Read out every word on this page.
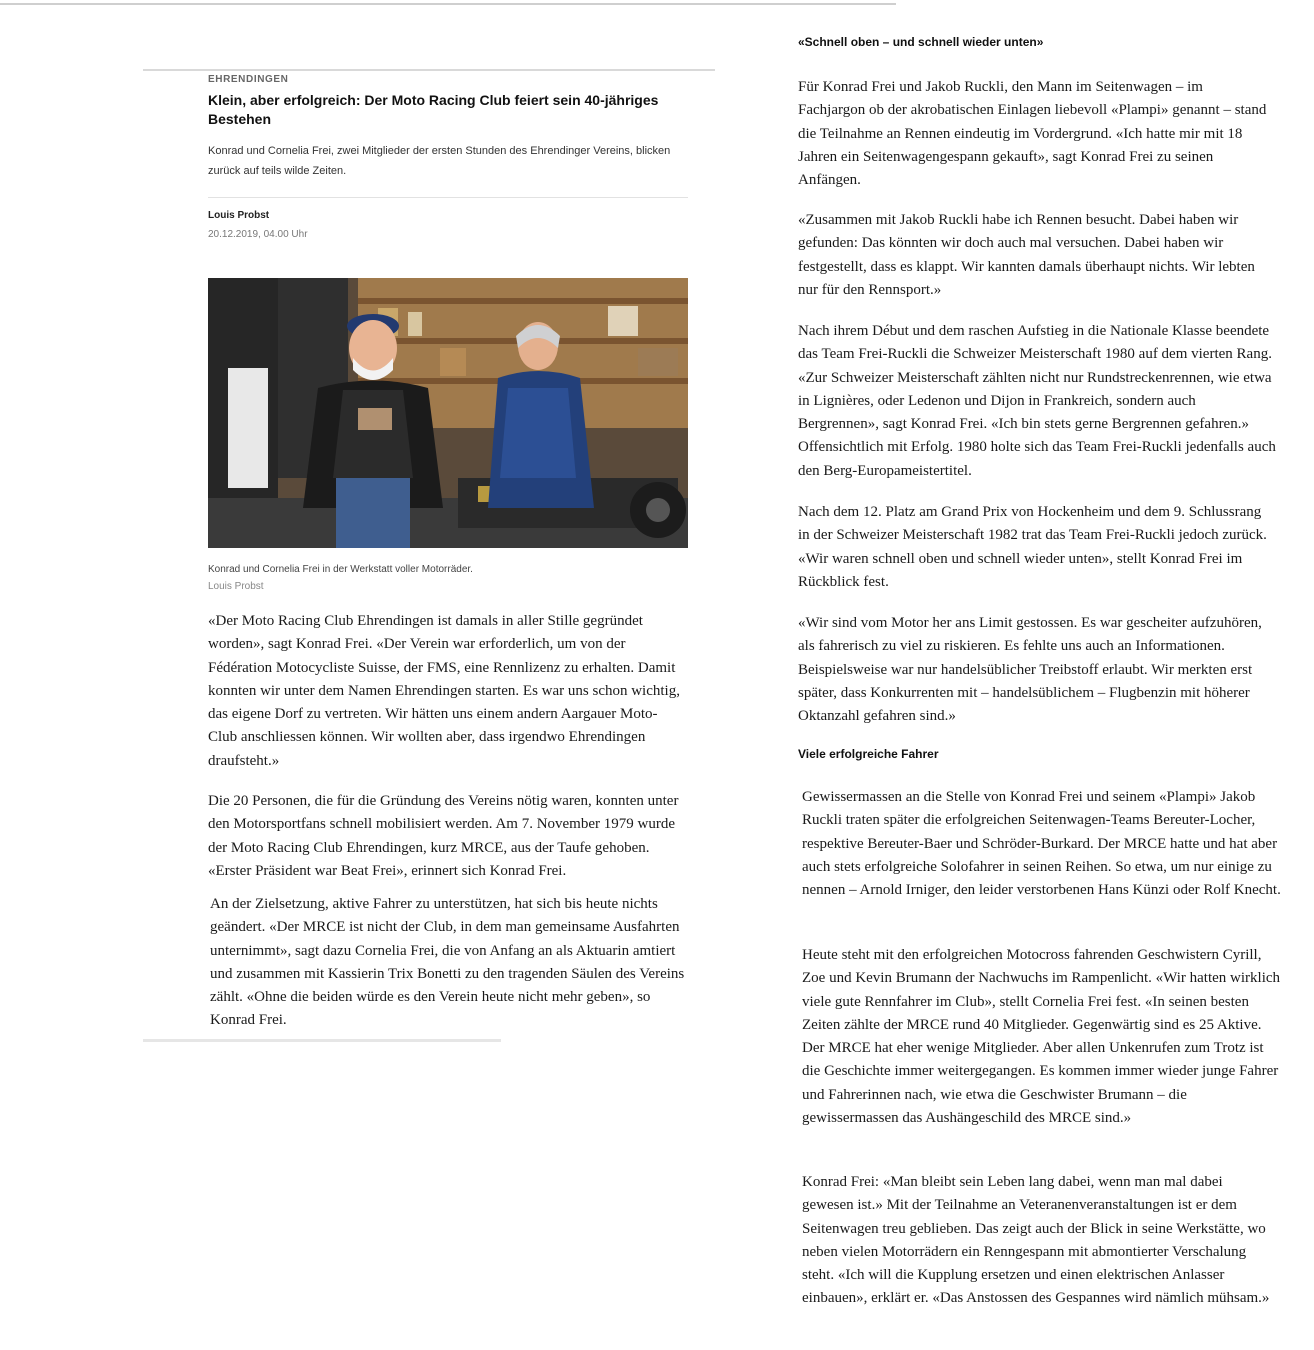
EHRENDINGEN
Klein, aber erfolgreich: Der Moto Racing Club feiert sein 40-jähriges Bestehen

Konrad und Cornelia Frei, zwei Mitglieder der ersten Stunden des Ehrendinger Vereins, blicken zurück auf teils wilde Zeiten.

Louis Probst
20.12.2019, 04.00 Uhr
Konrad und Cornelia Frei in der Werkstatt voller Motorräder.
Louis Probst

«Der Moto Racing Club Ehrendingen ist damals in aller Stille gegründet worden», sagt Konrad Frei. «Der Verein war erforderlich, um von der Fédération Motocycliste Suisse, der FMS, eine Rennlizenz zu erhalten. Damit konnten wir unter dem Namen Ehrendingen starten. Es war uns schon wichtig, das eigene Dorf zu vertreten. Wir hätten uns einem andern Aargauer Moto-Club anschliessen können. Wir wollten aber, dass irgendwo Ehrendingen draufsteht.»

Die 20 Personen, die für die Gründung des Vereins nötig waren, konnten unter den Motorsportfans schnell mobilisiert werden. Am 7. November 1979 wurde der Moto Racing Club Ehrendingen, kurz MRCE, aus der Taufe gehoben. «Erster Präsident war Beat Frei», erinnert sich Konrad Frei.

An der Zielsetzung, aktive Fahrer zu unterstützen, hat sich bis heute nichts geändert. «Der MRCE ist nicht der Club, in dem man gemeinsame Ausfahrten unternimmt», sagt dazu Cornelia Frei, die von Anfang an als Aktuarin amtiert und zusammen mit Kassierin Trix Bonetti zu den tragenden Säulen des Vereins zählt. «Ohne die beiden würde es den Verein heute nicht mehr geben», so Konrad Frei.

«Schnell oben – und schnell wieder unten»

Für Konrad Frei und Jakob Ruckli, den Mann im Seitenwagen – im Fachjargon ob der akrobatischen Einlagen liebevoll «Plampi» genannt – stand die Teilnahme an Rennen eindeutig im Vordergrund. «Ich hatte mir mit 18 Jahren ein Seitenwagengespann gekauft», sagt Konrad Frei zu seinen Anfängen.

«Zusammen mit Jakob Ruckli habe ich Rennen besucht. Dabei haben wir gefunden: Das könnten wir doch auch mal versuchen. Dabei haben wir festgestellt, dass es klappt. Wir kannten damals überhaupt nichts. Wir lebten nur für den Rennsport.»

Nach ihrem Début und dem raschen Aufstieg in die Nationale Klasse beendete das Team Frei-Ruckli die Schweizer Meisterschaft 1980 auf dem vierten Rang. «Zur Schweizer Meisterschaft zählten nicht nur Rundstreckenrennen, wie etwa in Lignières, oder Ledenon und Dijon in Frankreich, sondern auch Bergrennen», sagt Konrad Frei. «Ich bin stets gerne Bergrennen gefahren.» Offensichtlich mit Erfolg. 1980 holte sich das Team Frei-Ruckli jedenfalls auch den Berg-Europameistertitel.

Nach dem 12. Platz am Grand Prix von Hockenheim und dem 9. Schlussrang in der Schweizer Meisterschaft 1982 trat das Team Frei-Ruckli jedoch zurück. «Wir waren schnell oben und schnell wieder unten», stellt Konrad Frei im Rückblick fest.

«Wir sind vom Motor her ans Limit gestossen. Es war gescheiter aufzuhören, als fahrerisch zu viel zu riskieren. Es fehlte uns auch an Informationen. Beispielsweise war nur handelsüblicher Treibstoff erlaubt. Wir merkten erst später, dass Konkurrenten mit – handelsüblichem – Flugbenzin mit höherer Oktanzahl gefahren sind.»

Viele erfolgreiche Fahrer

Gewissermassen an die Stelle von Konrad Frei und seinem «Plampi» Jakob Ruckli traten später die erfolgreichen Seitenwagen-Teams Bereuter-Locher, respektive Bereuter-Baer und Schröder-Burkard. Der MRCE hatte und hat aber auch stets erfolgreiche Solofahrer in seinen Reihen. So etwa, um nur einige zu nennen – Arnold Irniger, den leider verstorbenen Hans Künzi oder Rolf Knecht.

Heute steht mit den erfolgreichen Motocross fahrenden Geschwistern Cyrill, Zoe und Kevin Brumann der Nachwuchs im Rampenlicht. «Wir hatten wirklich viele gute Rennfahrer im Club», stellt Cornelia Frei fest. «In seinen besten Zeiten zählte der MRCE rund 40 Mitglieder. Gegenwärtig sind es 25 Aktive. Der MRCE hat eher wenige Mitglieder. Aber allen Unkenrufen zum Trotz ist die Geschichte immer weitergegangen. Es kommen immer wieder junge Fahrer und Fahrerinnen nach, wie etwa die Geschwister Brumann – die gewissermassen das Aushängeschild des MRCE sind.»

Konrad Frei: «Man bleibt sein Leben lang dabei, wenn man mal dabei gewesen ist.» Mit der Teilnahme an Veteranenveranstaltungen ist er dem Seitenwagen treu geblieben. Das zeigt auch der Blick in seine Werkstätte, wo neben vielen Motorrädern ein Renngespann mit abmontierter Verschalung steht. «Ich will die Kupplung ersetzen und einen elektrischen Anlasser einbauen», erklärt er. «Das Anstossen des Gespannes wird nämlich mühsam.»
